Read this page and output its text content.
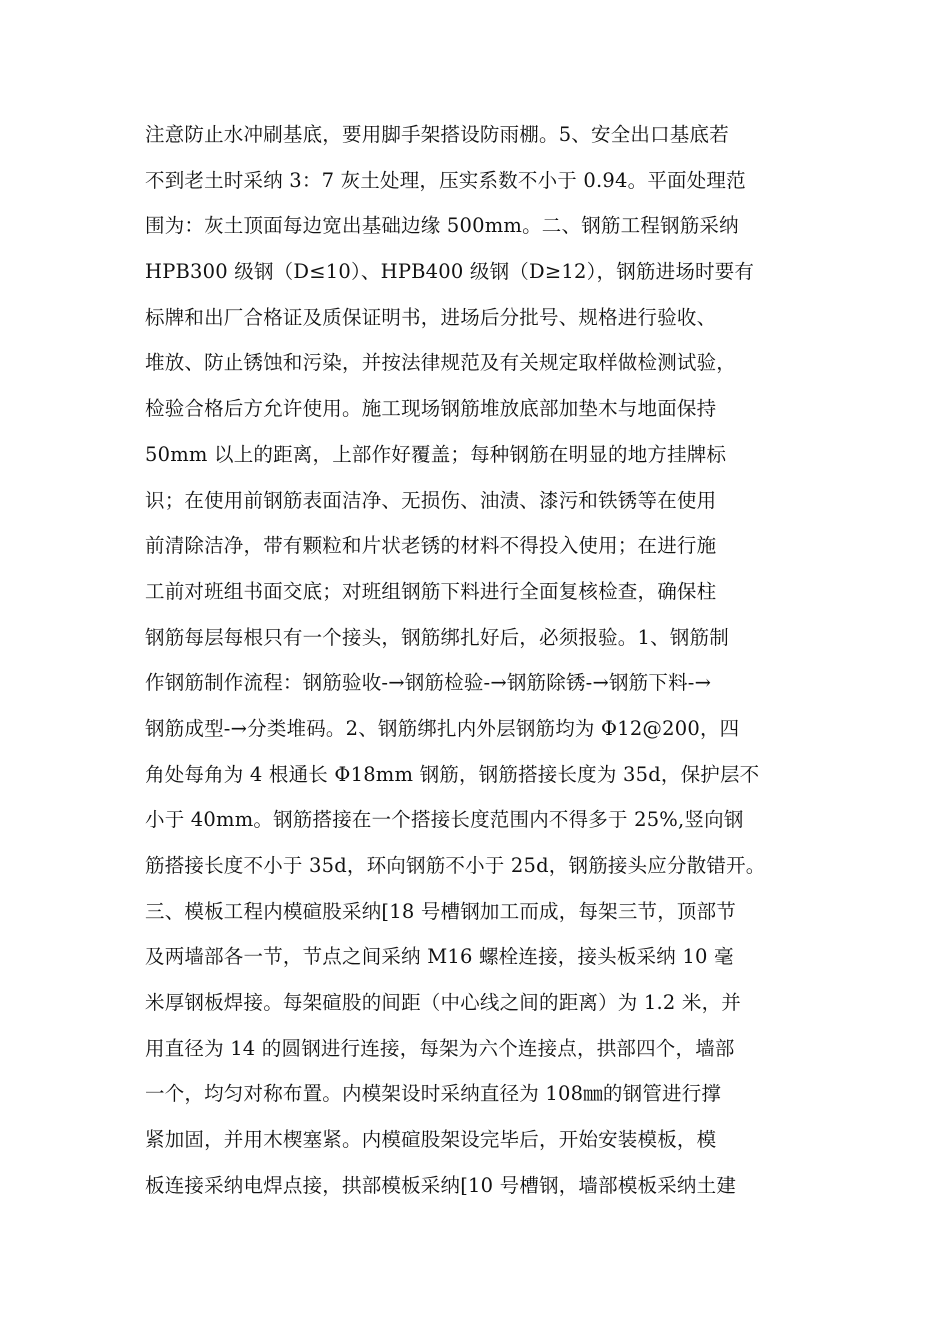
注意防止水冲刷基底，要用脚手架搭设防雨棚。5、安全出口基底若
不到老土时采纳 3：7 灰土处理，压实系数不小于 0.94。平面处理范
围为：灰土顶面每边宽出基础边缘 500mm。二、钢筋工程钢筋采纳
HPB300 级钢（D≤10）、HPB400 级钢（D≥12），钢筋进场时要有
标牌和出厂合格证及质保证明书，进场后分批号、规格进行验收、
堆放、防止锈蚀和污染，并按法律规范及有关规定取样做检测试验，
检验合格后方允许使用。施工现场钢筋堆放底部加垫木与地面保持
50mm 以上的距离，上部作好覆盖；每种钢筋在明显的地方挂牌标
识；在使用前钢筋表面洁净、无损伤、油渍、漆污和铁锈等在使用
前清除洁净，带有颗粒和片状老锈的材料不得投入使用；在进行施
工前对班组书面交底；对班组钢筋下料进行全面复核检查，确保柱
钢筋每层每根只有一个接头，钢筋绑扎好后，必须报验。1、钢筋制
作钢筋制作流程：钢筋验收-→钢筋检验-→钢筋除锈-→钢筋下料-→
钢筋成型-→分类堆码。2、钢筋绑扎内外层钢筋均为 Φ12@200，四
角处每角为 4 根通长 Φ18mm 钢筋，钢筋搭接长度为 35d，保护层不
小于 40mm。钢筋搭接在一个搭接长度范围内不得多于 25%,竖向钢
筋搭接长度不小于 35d，环向钢筋不小于 25d，钢筋接头应分散错开。
三、模板工程内模碹股采纳[18 号槽钢加工而成，每架三节，顶部节
及两墙部各一节，节点之间采纳 M16 螺栓连接，接头板采纳 10 毫
米厚钢板焊接。每架碹股的间距（中心线之间的距离）为 1.2 米，并
用直径为 14 的圆钢进行连接，每架为六个连接点，拱部四个，墙部
一个，均匀对称布置。内模架设时采纳直径为 108㎜的钢管进行撑
紧加固，并用木楔塞紧。内模碹股架设完毕后，开始安装模板，模
板连接采纳电焊点接，拱部模板采纳[10 号槽钢，墙部模板采纳土建
